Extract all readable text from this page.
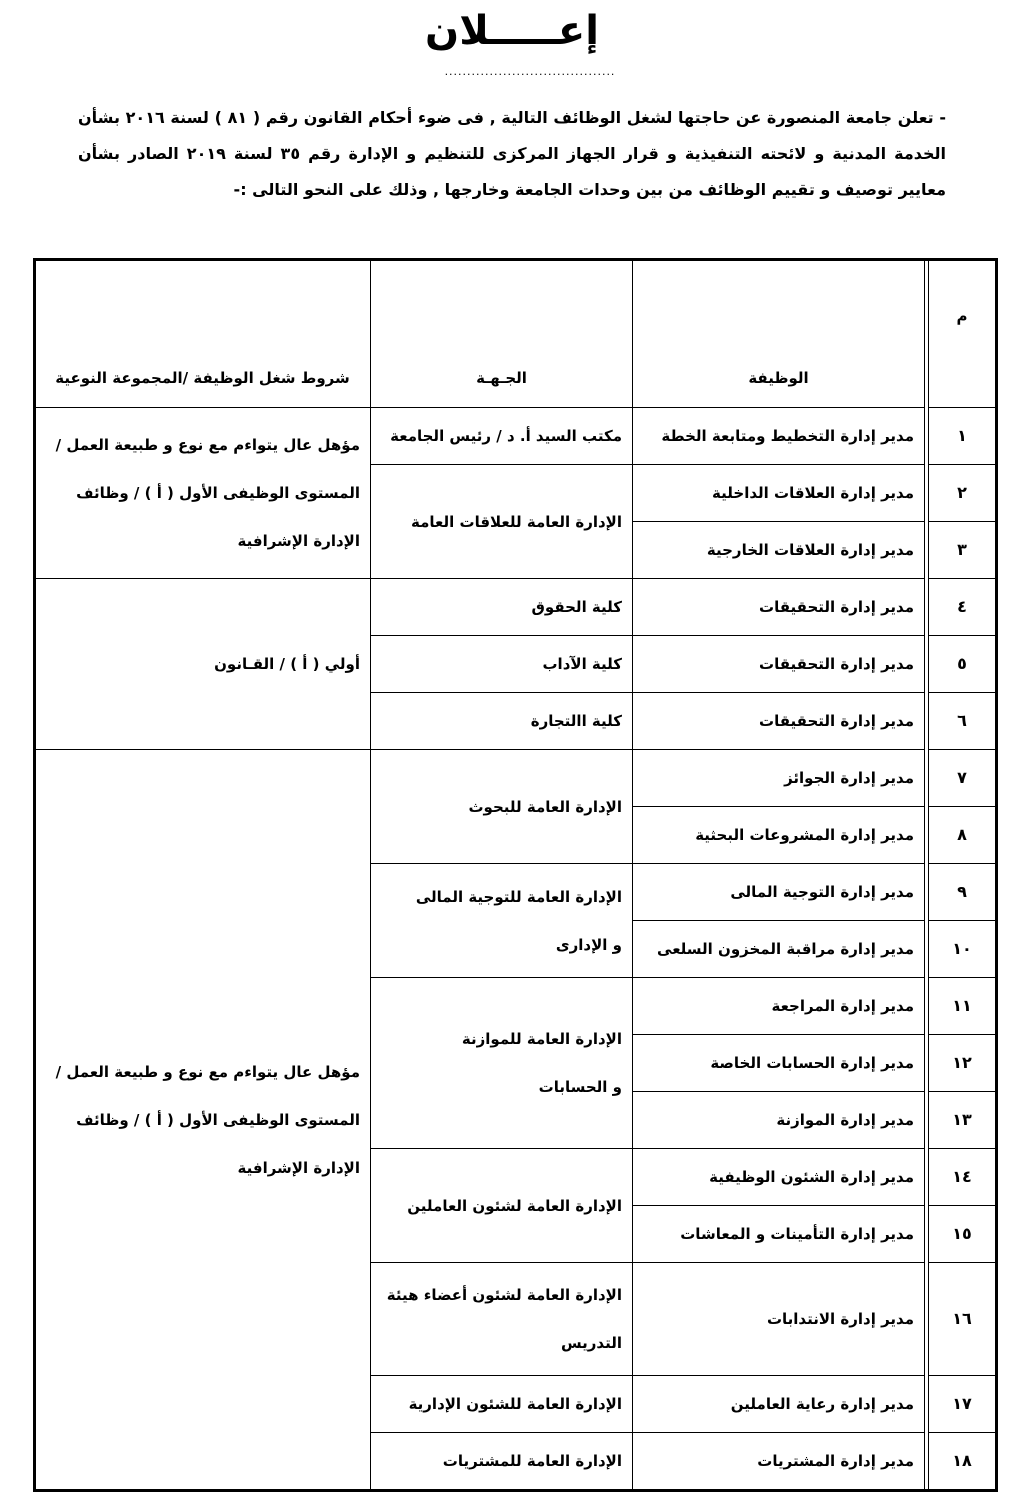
إعـــــلان
......................................
- تعلن جامعة المنصورة عن حاجتها لشغل الوظائف التالية , فى ضوء أحكام القانون رقم ( ٨١ ) لسنة ٢٠١٦ بشأن الخدمة المدنية و لائحته التنفيذية و قرار الجهاز المركزى للتنظيم و الإدارة رقم ٣٥ لسنة ٢٠١٩ الصادر بشأن معايير توصيف و تقييم الوظائف من بين وحدات الجامعة وخارجها , وذلك على النحو التالى :-
م		الوظيفة	الجـهـة	شروط شغل الوظيفة /المجموعة النوعية	
١		مدير إدارة التخطيط ومتابعة الخطة	مكتب السيد أ. د / رئيس الجامعة	مؤهل عال يتواءم مع نوع و طبيعة العمل /
المستوى الوظيفى الأول ( أ ) / وظائف
الإدارة الإشرافية	

٢		مدير إدارة العلاقات الداخلية	الإدارة العامة للعلاقات العامة		
٣		مدير إدارة العلاقات الخارجية			
٤		مدير إدارة التحقيقات	كلية الحقوق	أولي ( أ ) / القـانون	
٥		مدير إدارة التحقيقات	كلية الآداب		
٦		مدير إدارة التحقيقات	كلية االتجارة		
٧		مدير إدارة الجوائز	الإدارة العامة للبحوث	مؤهل عال يتواءم مع نوع و طبيعة العمل /
المستوى الوظيفى الأول ( أ ) / وظائف
الإدارة الإشرافية	

٨		مدير إدارة المشروعات البحثية			
٩		مدير إدارة التوجية المالى	الإدارة العامة للتوجية المالى
و الإدارى		

١٠		مدير إدارة مراقبة المخزون السلعى			
١١		مدير إدارة المراجعة	الإدارة العامة للموازنة
و الحسابات		

١٢		مدير إدارة الحسابات الخاصة			
١٣		مدير إدارة الموازنة			
١٤		مدير إدارة الشئون الوظيفية	الإدارة العامة لشئون العاملين		
١٥		مدير إدارة التأمينات و المعاشات			
١٦		مدير إدارة الانتدابات	الإدارة العامة لشئون أعضاء هيئة
التدريس		

١٧		مدير إدارة رعاية العاملين	الإدارة العامة للشئون الإدارية		
١٨		مدير إدارة المشتريات	الإدارة العامة للمشتريات		
